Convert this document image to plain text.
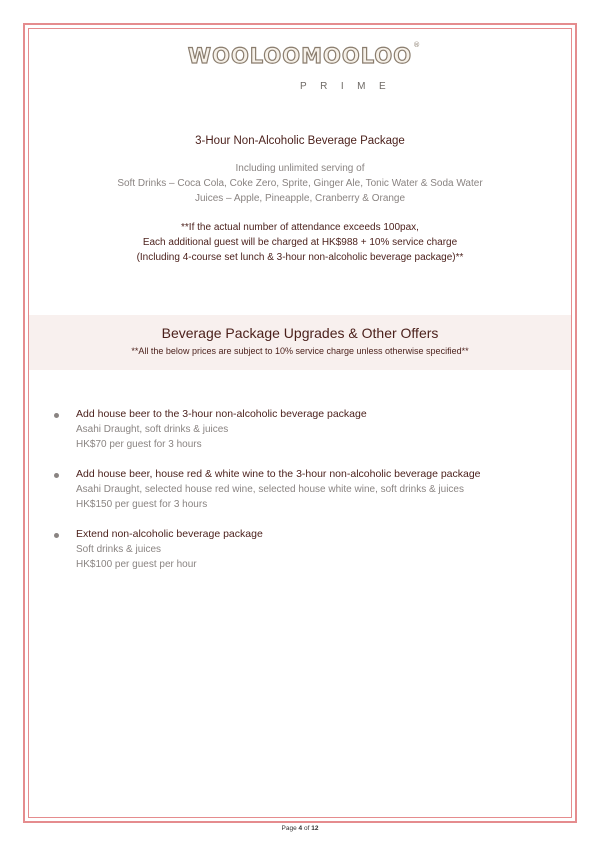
WOOLOOMOOLOO ®
PRIME
3-Hour Non-Alcoholic Beverage Package
Including unlimited serving of
Soft Drinks – Coca Cola, Coke Zero, Sprite, Ginger Ale, Tonic Water & Soda Water
Juices – Apple, Pineapple, Cranberry & Orange
**If the actual number of attendance exceeds 100pax,
Each additional guest will be charged at HK$988 + 10% service charge
(Including 4-course set lunch & 3-hour non-alcoholic beverage package)**
Beverage Package Upgrades & Other Offers
**All the below prices are subject to 10% service charge unless otherwise specified**
Add house beer to the 3-hour non-alcoholic beverage package
Asahi Draught, soft drinks & juices
HK$70 per guest for 3 hours
Add house beer, house red & white wine to the 3-hour non-alcoholic beverage package
Asahi Draught, selected house red wine, selected house white wine, soft drinks & juices
HK$150 per guest for 3 hours
Extend non-alcoholic beverage package
Soft drinks & juices
HK$100 per guest per hour
Page 4 of 12
